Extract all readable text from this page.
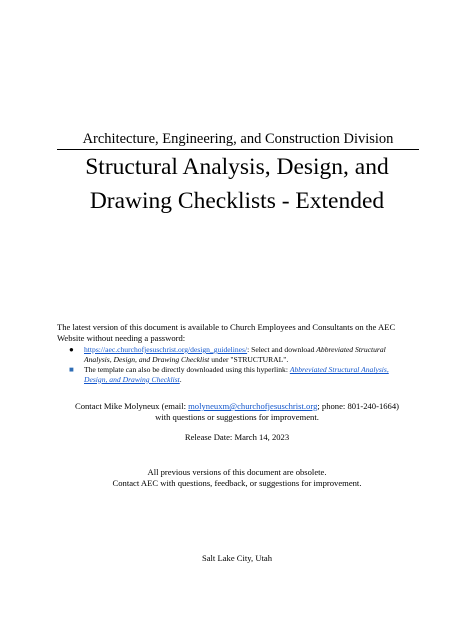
Architecture, Engineering, and Construction Division
Structural Analysis, Design, and
Drawing Checklists - Extended
The latest version of this document is available to Church Employees and Consultants on the AEC
Website without needing a password:
● https://aec.churchofjesuschrist.org/design_guidelines/: Select and download Abbreviated Structural
Analysis, Design, and Drawing Checklist under "STRUCTURAL".
■ The template can also be directly downloaded using this hyperlink: Abbreviated Structural Analysis,
Design, and Drawing Checklist.
Contact Mike Molyneux (email: molyneuxm@churchofjesuschrist.org; phone: 801-240-1664)
with questions or suggestions for improvement.
Release Date: March 14, 2023
All previous versions of this document are obsolete.
Contact AEC with questions, feedback, or suggestions for improvement.
Salt Lake City, Utah
